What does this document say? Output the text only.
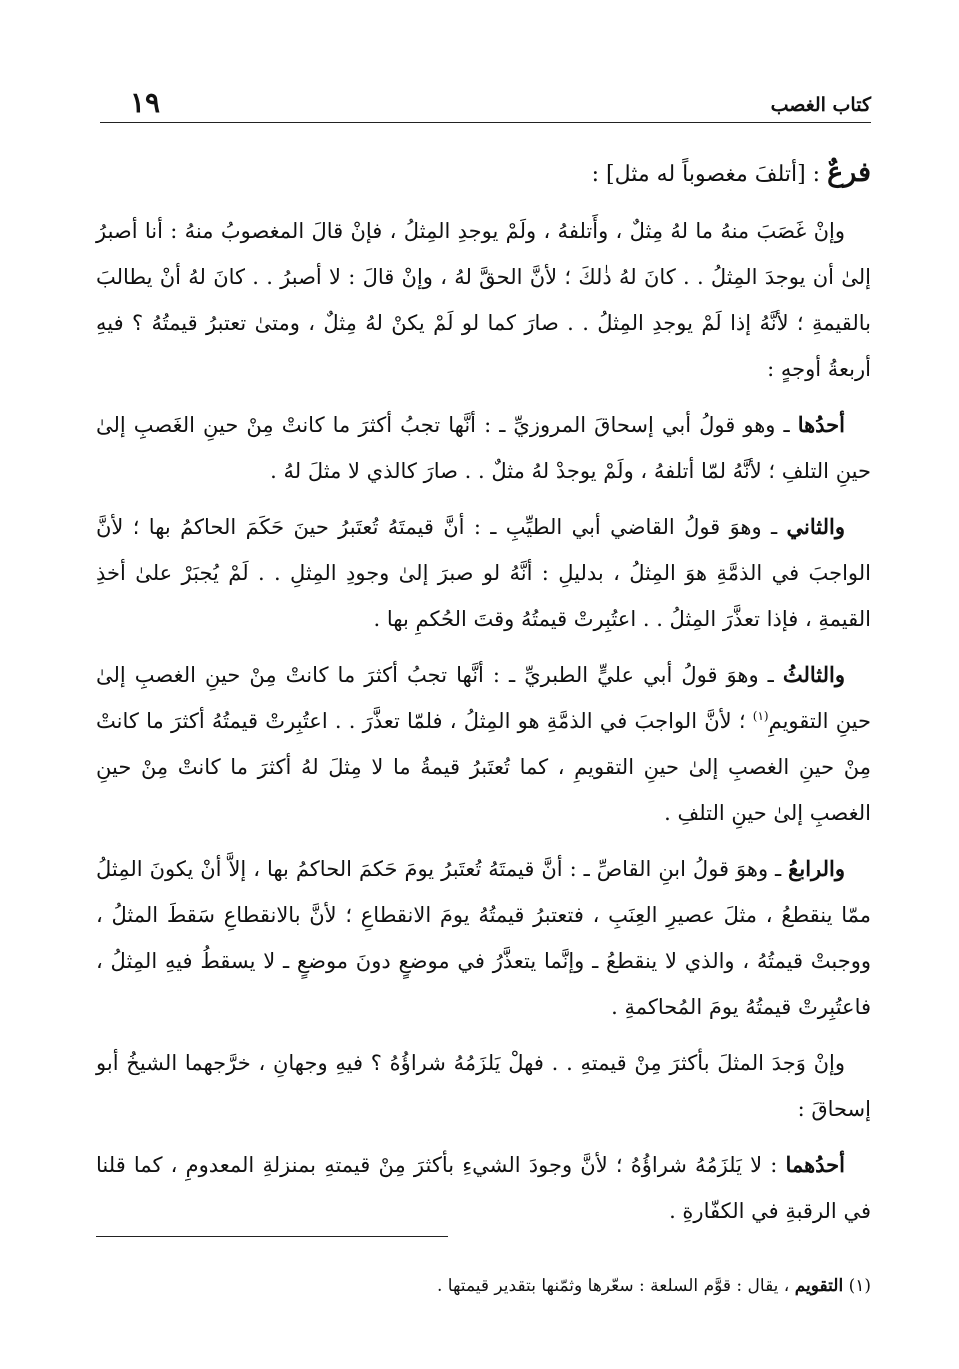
كتاب الغصب
١٩

فرعٌ : [أتلفَ مغصوباً له مثل] :

وإنْ غَصَبَ منهُ ما لهُ مِثلٌ ، وأَتلفهُ ، ولَمْ يوجدِ المِثلُ ، فإنْ قالَ المغصوبُ منهُ : أنا أصبرُ إلىٰ أن يوجدَ المِثلُ . . كانَ لهُ ذٰلكَ ؛ لأنَّ الحقَّ لهُ ، وإنْ قالَ : لا أصبرُ . . كانَ لهُ أنْ يطالبَ بالقيمةِ ؛ لأنَّهُ إذا لَمْ يوجدِ المِثلُ . . صارَ كما لو لَمْ يكنْ لهُ مِثلٌ ، ومتىٰ تعتبرُ قيمتُهُ ؟ فيهِ أربعةُ أوجهٍ :

أحدُها ـ وهو قولُ أبي إسحاقَ المروزيِّ ـ : أنَّها تجبُ أكثرَ ما كانتْ مِنْ حينِ الغَصبِ إلىٰ حينِ التلفِ ؛ لأنَّهُ لمّا أتلفهُ ، ولَمْ يوجدْ لهُ مثلٌ . . صارَ كالذي لا مثلَ لهُ .

والثاني ـ وهوَ قولُ القاضي أبي الطيِّبِ ـ : أنَّ قيمتَهُ تُعتَبرُ حينَ حَكَمَ الحاكمُ بها ؛ لأنَّ الواجبَ في الذمَّةِ هوَ المِثلُ ، بدليلِ : أنَّهُ لو صبرَ إلىٰ وجودِ المِثلِ . . لَمْ يُجبَرْ علىٰ أخذِ القيمةِ ، فإذا تعذَّرَ المِثلُ . . اعتُبِرتْ قيمتُهُ وقتَ الحُكمِ بها .

والثالثُ ـ وهوَ قولُ أبي عليٍّ الطبريِّ ـ : أنَّها تجبُ أكثرَ ما كانتْ مِنْ حينِ الغصبِ إلىٰ حينِ التقويمِ$^{(١)}$ ؛ لأنَّ الواجبَ في الذمَّةِ هو المِثلُ ، فلمّا تعذَّرَ . . اعتُبِرتْ قيمتُهُ أكثرَ ما كانتْ مِنْ حينِ الغصبِ إلىٰ حينِ التقويمِ ، كما تُعتَبرُ قيمةُ ما لا مِثلَ لهُ أكثرَ ما كانتْ مِنْ حينِ الغصبِ إلىٰ حينِ التلفِ .

والرابعُ ـ وهوَ قولُ ابنِ القاصِّ ـ : أنَّ قيمتَهُ تُعتَبرُ يومَ حَكمَ الحاكمُ بها ، إلاَّ أنْ يكونَ المِثلُ ممّا ينقطعُ ، مثلَ عصيرِ العِنَبِ ، فتعتبرُ قيمتُهُ يومَ الانقطاعِ ؛ لأنَّ بالانقطاعِ سَقطَ المثلُ ، ووجبتْ قيمتُهُ ، والذي لا ينقطعُ ـ وإنَّما يتعذَّرُ في موضعٍ دونَ موضعٍ ـ لا يسقطُ فيهِ المِثلُ ، فاعتُبِرتْ قيمتُهُ يومَ المُحاكمةِ .

وإنْ وَجدَ المثلَ بأكثرَ مِنْ قيمتهِ . . فهلْ يَلزَمُهُ شراؤُهُ ؟ فيهِ وجهانِ ، خرَّجهما الشيخُ أبو إسحاقَ :

أحدُهما : لا يَلزَمُهُ شراؤُهُ ؛ لأنَّ وجودَ الشيءِ بأكثرَ مِنْ قيمتهِ بمنزلةِ المعدومِ ، كما قلنا في الرقبةِ في الكفّارةِ .

(١) التقويم ، يقال : قوَّم السلعة : سعّرها وثمّنها بتقدير قيمتها .
